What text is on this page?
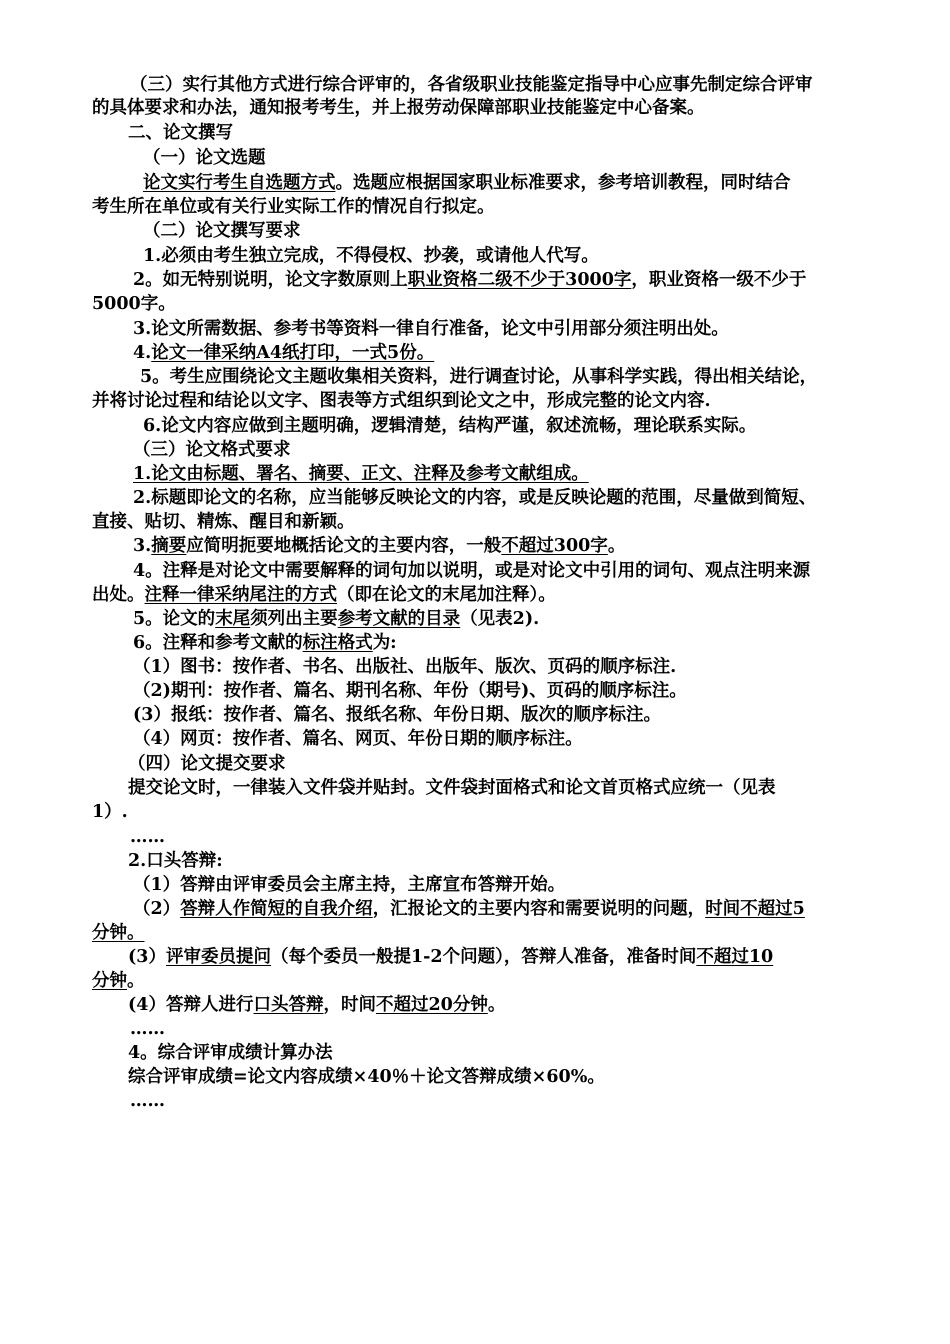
（三）实行其他方式进行综合评审的，各省级职业技能鉴定指导中心应事先制定综合评审
的具体要求和办法，通知报考考生，并上报劳动保障部职业技能鉴定中心备案。
二、论文撰写
（一）论文选题
论文实行考生自选题方式。选题应根据国家职业标准要求，参考培训教程，同时结合
考生所在单位或有关行业实际工作的情况自行拟定。
（二）论文撰写要求
1.必须由考生独立完成，不得侵权、抄袭，或请他人代写。
2。如无特别说明，论文字数原则上职业资格二级不少于3000字，职业资格一级不少于
5000字。
3.论文所需数据、参考书等资料一律自行准备，论文中引用部分须注明出处。
4.论文一律采纳A4纸打印，一式5份。
5。考生应围绕论文主题收集相关资料，进行调查讨论，从事科学实践，得出相关结论，
并将讨论过程和结论以文字、图表等方式组织到论文之中，形成完整的论文内容.
6.论文内容应做到主题明确，逻辑清楚，结构严谨，叙述流畅，理论联系实际。
（三）论文格式要求
1.论文由标题、署名、摘要、正文、注释及参考文献组成。
2.标题即论文的名称，应当能够反映论文的内容，或是反映论题的范围，尽量做到简短、
直接、贴切、精炼、醒目和新颖。
3.摘要应简明扼要地概括论文的主要内容，一般不超过300字。
4。注释是对论文中需要解释的词句加以说明，或是对论文中引用的词句、观点注明来源
出处。注释一律采纳尾注的方式（即在论文的末尾加注释）。
5。论文的末尾须列出主要参考文献的目录（见表2).
6。注释和参考文献的标注格式为:
（1）图书：按作者、书名、出版社、出版年、版次、页码的顺序标注.
（2)期刊：按作者、篇名、期刊名称、年份（期号)、页码的顺序标注。
(3）报纸：按作者、篇名、报纸名称、年份日期、版次的顺序标注。
（4）网页：按作者、篇名、网页、年份日期的顺序标注。
（四）论文提交要求
提交论文时，一律装入文件袋并贴封。文件袋封面格式和论文首页格式应统一（见表
1）.
……
2.口头答辩:
（1）答辩由评审委员会主席主持，主席宣布答辩开始。
（2）答辩人作简短的自我介绍，汇报论文的主要内容和需要说明的问题，时间不超过5
分钟。
(3）评审委员提问（每个委员一般提1-2个问题），答辩人准备，准备时间不超过10
分钟。
(4）答辩人进行口头答辩，时间不超过20分钟。
……
4。综合评审成绩计算办法
综合评审成绩=论文内容成绩×40％＋论文答辩成绩×60%。
……
